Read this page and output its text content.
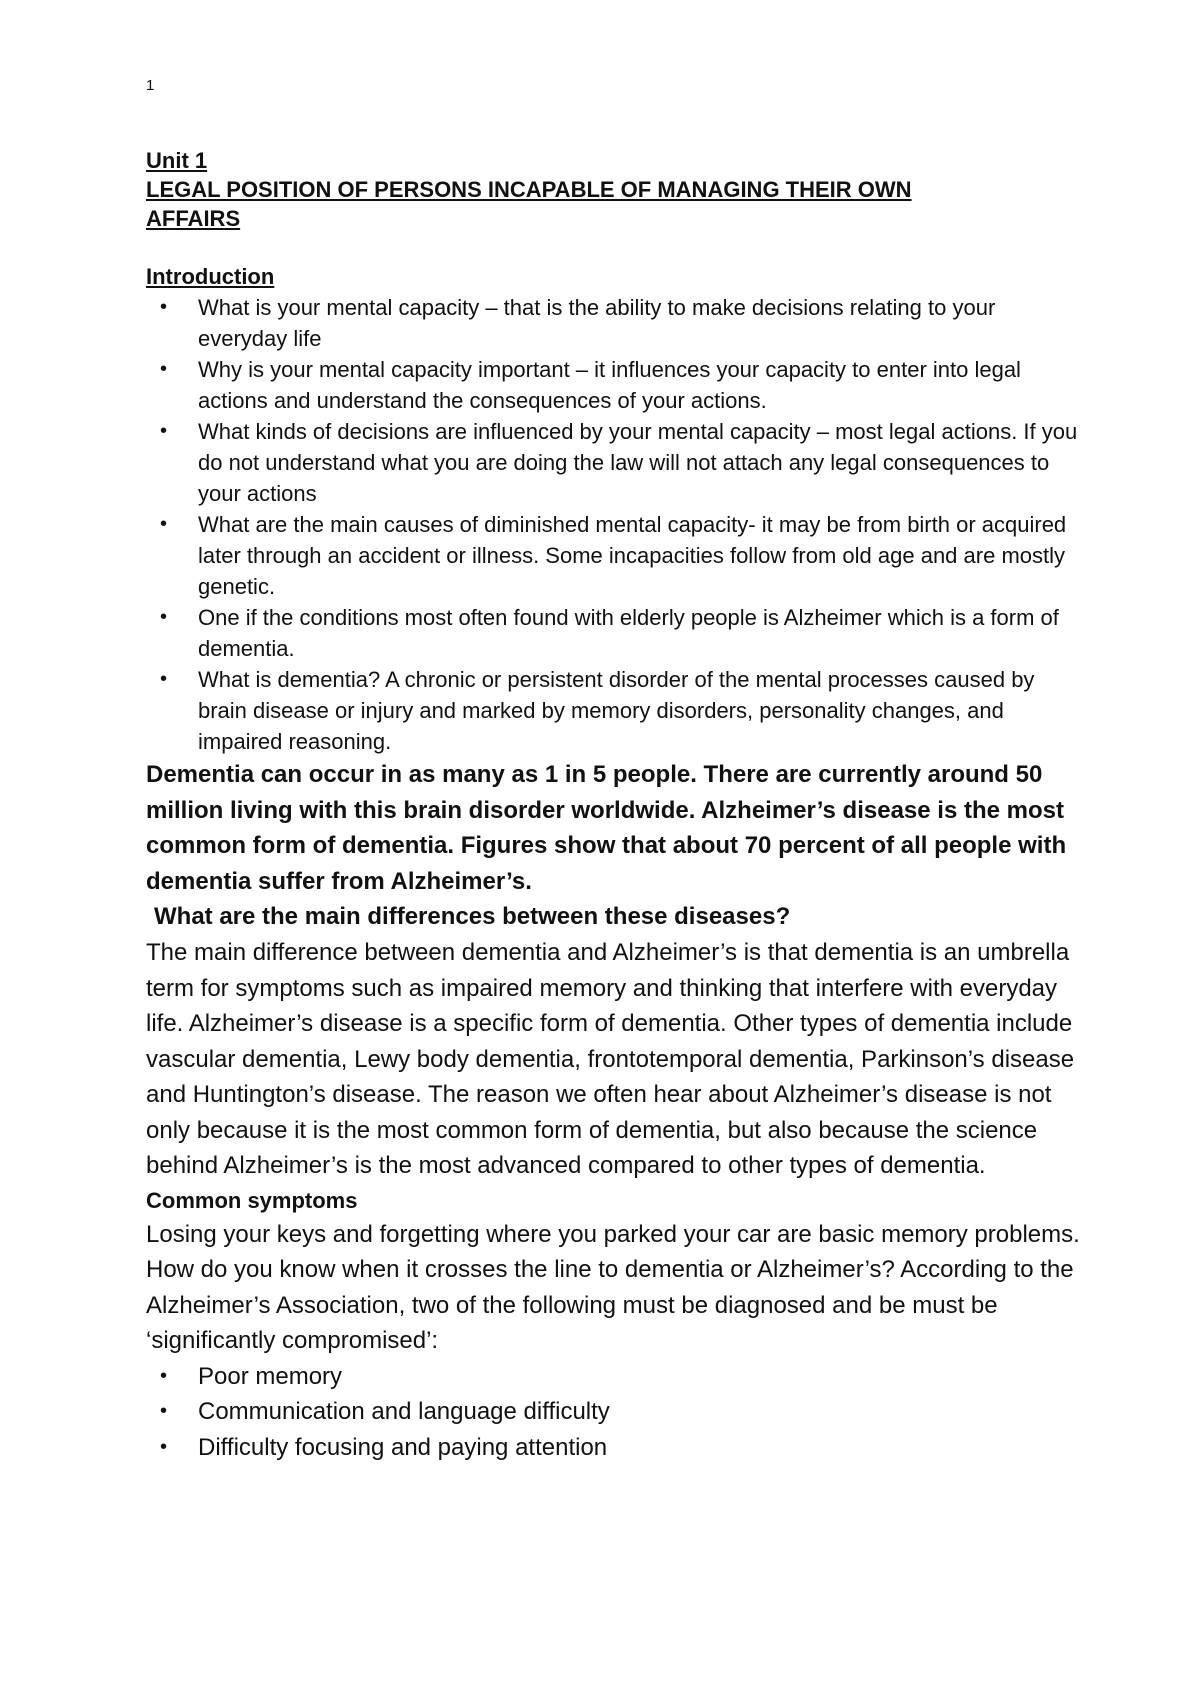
1

Unit 1

LEGAL POSITION OF PERSONS INCAPABLE OF MANAGING THEIR OWN
AFFAIRS

Introduction

• What is your mental capacity – that is the ability to make decisions relating to your everyday life
• Why is your mental capacity important – it influences your capacity to enter into legal actions and understand the consequences of your actions.
• What kinds of decisions are influenced by your mental capacity – most legal actions. If you do not understand what you are doing the law will not attach any legal consequences to your actions
• What are the main causes of diminished mental capacity- it may be from birth or acquired later through an accident or illness. Some incapacities follow from old age and are mostly genetic.
• One if the conditions most often found with elderly people is Alzheimer which is a form of dementia.
• What is dementia? A chronic or persistent disorder of the mental processes caused by brain disease or injury and marked by memory disorders, personality changes, and impaired reasoning.

Dementia can occur in as many as 1 in 5 people. There are currently around 50 million living with this brain disorder worldwide. Alzheimer’s disease is the most common form of dementia. Figures show that about 70 percent of all people with dementia suffer from Alzheimer’s.

What are the main differences between these diseases?

The main difference between dementia and Alzheimer’s is that dementia is an umbrella term for symptoms such as impaired memory and thinking that interfere with everyday life. Alzheimer’s disease is a specific form of dementia. Other types of dementia include vascular dementia, Lewy body dementia, frontotemporal dementia, Parkinson’s disease and Huntington’s disease. The reason we often hear about Alzheimer’s disease is not only because it is the most common form of dementia, but also because the science behind Alzheimer’s is the most advanced compared to other types of dementia.

Common symptoms

Losing your keys and forgetting where you parked your car are basic memory problems. How do you know when it crosses the line to dementia or Alzheimer’s? According to the Alzheimer’s Association, two of the following must be diagnosed and be must be ‘significantly compromised’:

• Poor memory
• Communication and language difficulty
• Difficulty focusing and paying attention
